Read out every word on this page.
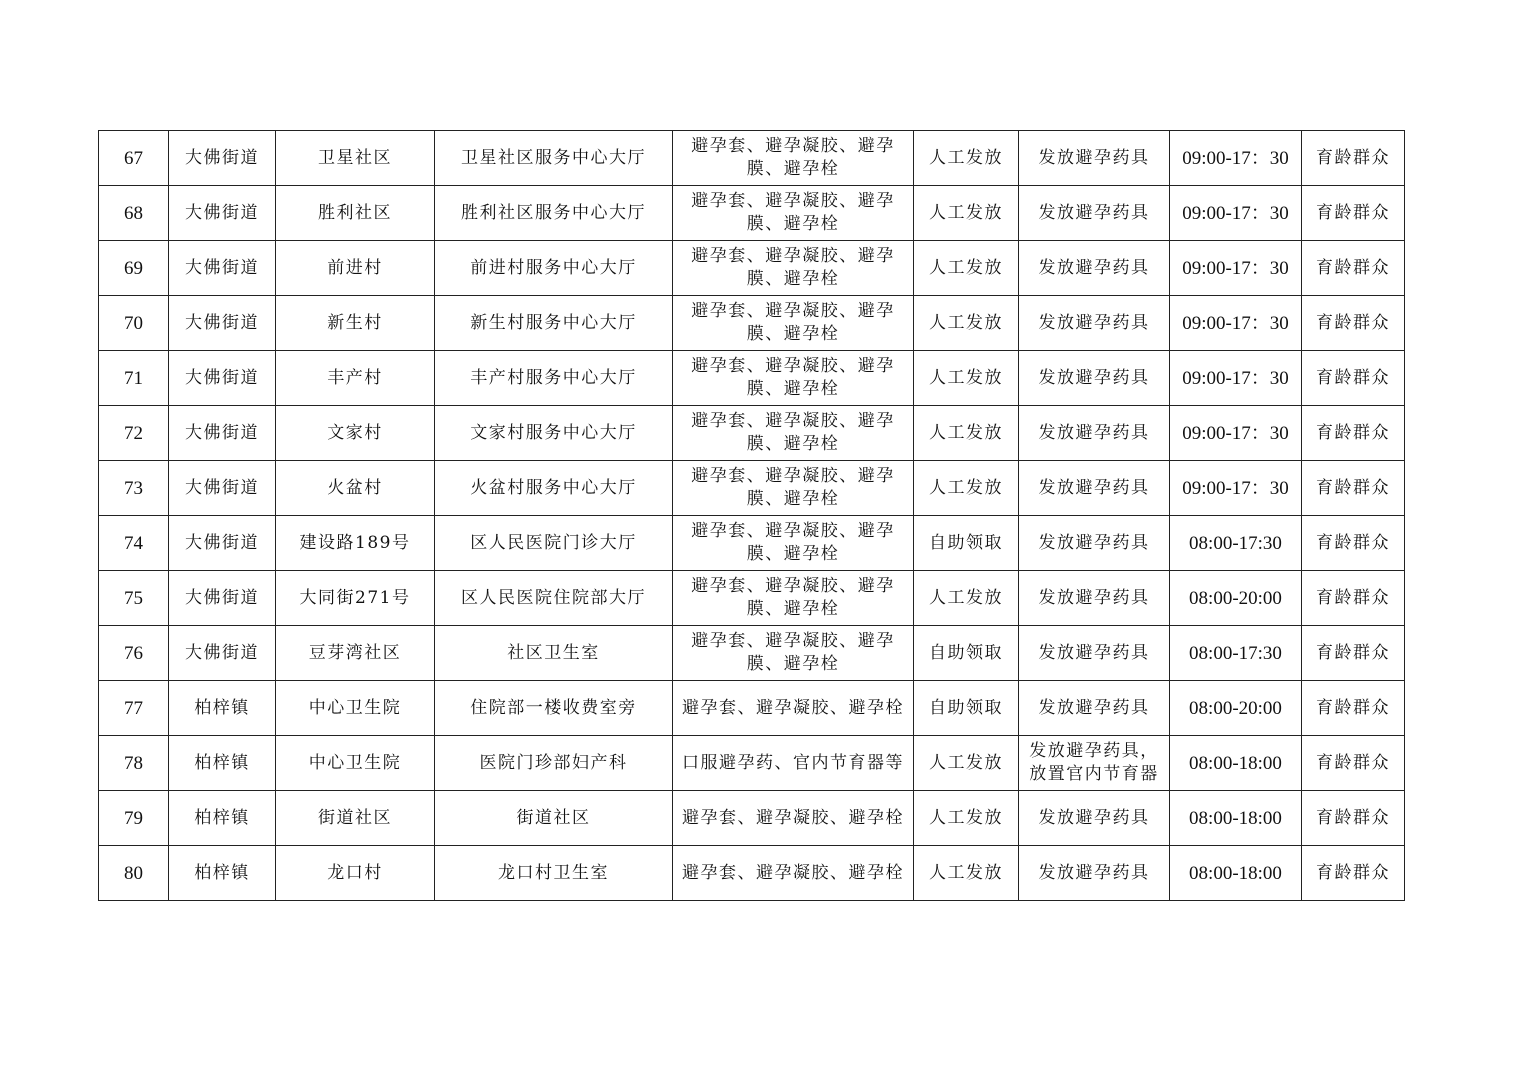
67	大佛街道	卫星社区	卫星社区服务中心大厅	避孕套、避孕凝胶、避孕膜、避孕栓	人工发放	发放避孕药具	09:00-17：30	育龄群众
68	大佛街道	胜利社区	胜利社区服务中心大厅	避孕套、避孕凝胶、避孕膜、避孕栓	人工发放	发放避孕药具	09:00-17：30	育龄群众
69	大佛街道	前进村	前进村服务中心大厅	避孕套、避孕凝胶、避孕膜、避孕栓	人工发放	发放避孕药具	09:00-17：30	育龄群众
70	大佛街道	新生村	新生村服务中心大厅	避孕套、避孕凝胶、避孕膜、避孕栓	人工发放	发放避孕药具	09:00-17：30	育龄群众
71	大佛街道	丰产村	丰产村服务中心大厅	避孕套、避孕凝胶、避孕膜、避孕栓	人工发放	发放避孕药具	09:00-17：30	育龄群众
72	大佛街道	文家村	文家村服务中心大厅	避孕套、避孕凝胶、避孕膜、避孕栓	人工发放	发放避孕药具	09:00-17：30	育龄群众
73	大佛街道	火盆村	火盆村服务中心大厅	避孕套、避孕凝胶、避孕膜、避孕栓	人工发放	发放避孕药具	09:00-17：30	育龄群众
74	大佛街道	建设路189号	区人民医院门诊大厅	避孕套、避孕凝胶、避孕膜、避孕栓	自助领取	发放避孕药具	08:00-17:30	育龄群众
75	大佛街道	大同街271号	区人民医院住院部大厅	避孕套、避孕凝胶、避孕膜、避孕栓	人工发放	发放避孕药具	08:00-20:00	育龄群众
76	大佛街道	豆芽湾社区	社区卫生室	避孕套、避孕凝胶、避孕膜、避孕栓	自助领取	发放避孕药具	08:00-17:30	育龄群众
77	柏梓镇	中心卫生院	住院部一楼收费室旁	避孕套、避孕凝胶、避孕栓	自助领取	发放避孕药具	08:00-20:00	育龄群众
78	柏梓镇	中心卫生院	医院门珍部妇产科	口服避孕药、官内节育器等	人工发放	发放避孕药具，放置官内节育器	08:00-18:00	育龄群众
79	柏梓镇	街道社区	街道社区	避孕套、避孕凝胶、避孕栓	人工发放	发放避孕药具	08:00-18:00	育龄群众
80	柏梓镇	龙口村	龙口村卫生室	避孕套、避孕凝胶、避孕栓	人工发放	发放避孕药具	08:00-18:00	育龄群众
